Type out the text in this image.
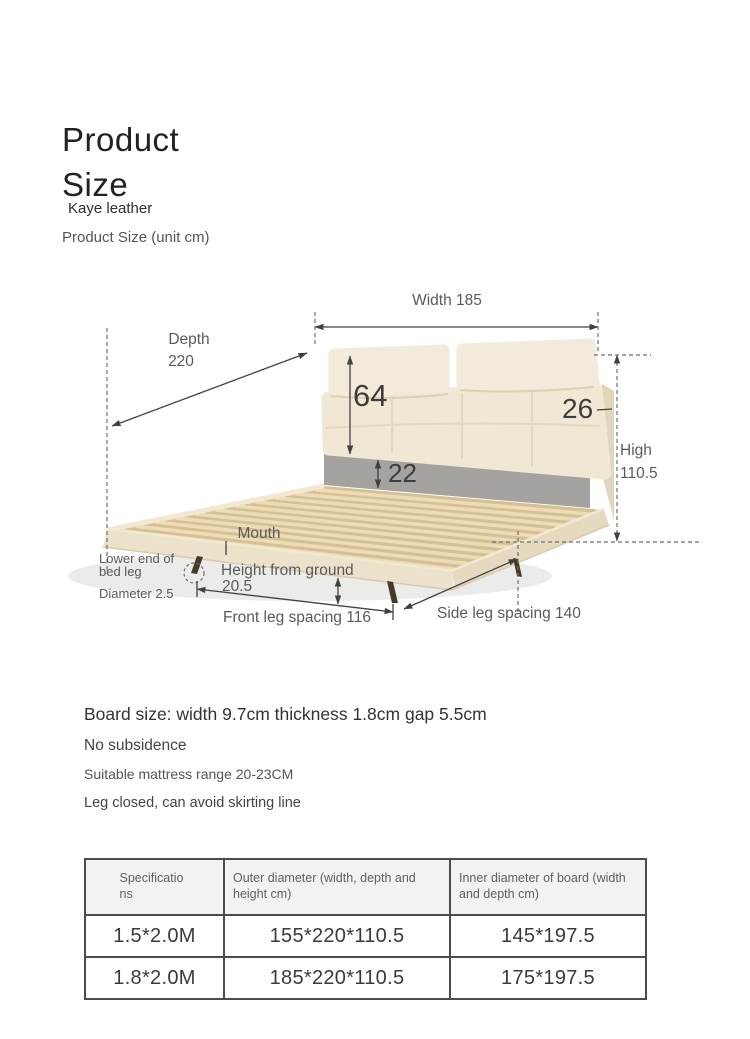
Product
Size
Kaye leather
Product Size (unit cm)
Width 185
Depth
220
64	26
22
High
110.5
Mouth
Lower end of
bed leg
Diameter 2.5
Height from ground
20.5
Front leg spacing 116	Side leg spacing 140
Board size: width 9.7cm thickness 1.8cm gap 5.5cm
No subsidence
Suitable mattress range 20-23CM
Leg closed, can avoid skirting line
Specifications	Outer diameter (width, depth and height cm)	Inner diameter of board (width and depth cm)
1.5*2.0M	155*220*110.5	145*197.5
1.8*2.0M	185*220*110.5	175*197.5
